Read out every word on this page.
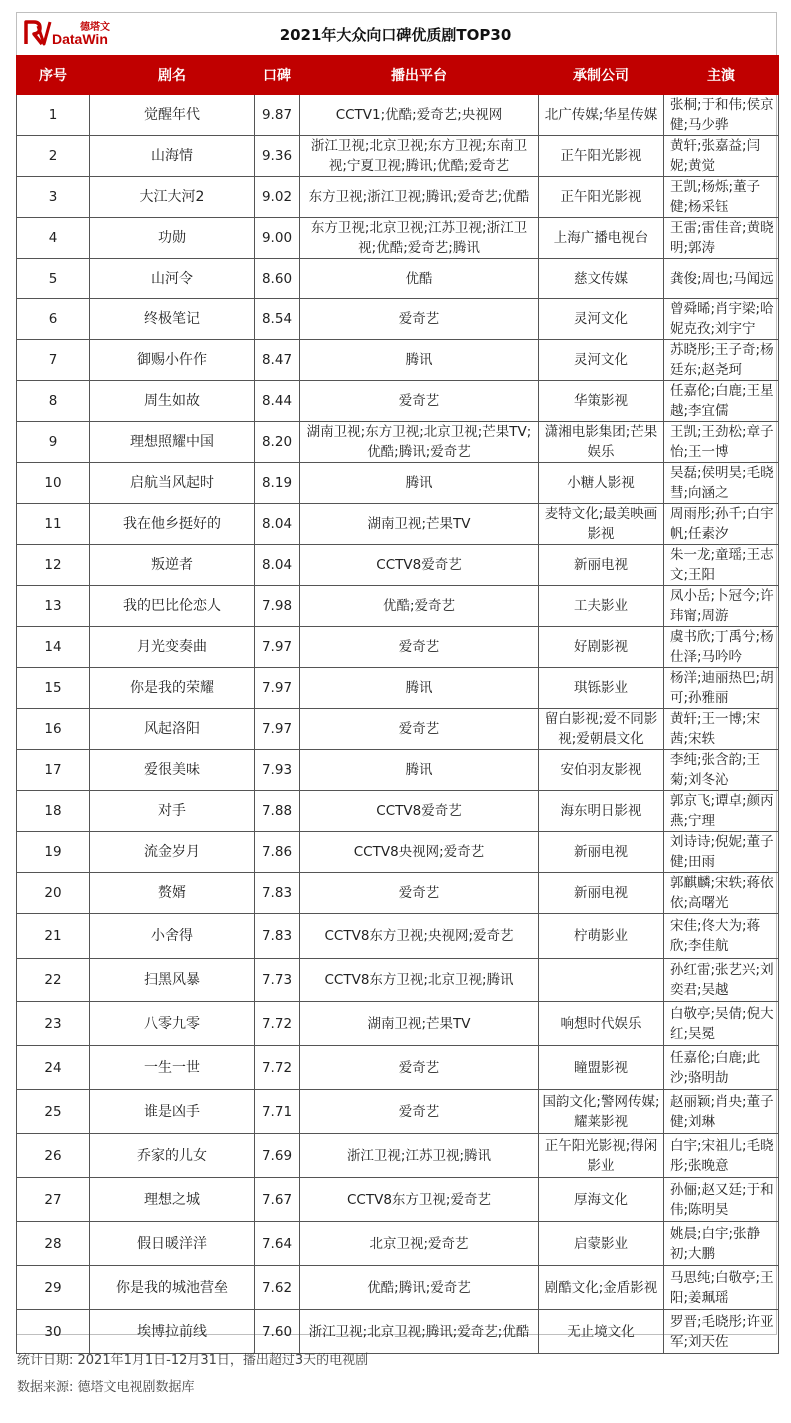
德塔文
DataWin	2021年大众向口碑优质剧TOP30
序号	剧名	口碑	播出平台	承制公司	主演
1	觉醒年代	9.87	CCTV1;优酷;爱奇艺;央视网	北广传媒;华星传媒	张桐;于和伟;侯京健;马少骅
2	山海情	9.36	浙江卫视;北京卫视;东方卫视;东南卫视;宁夏卫视;腾讯;优酷;爱奇艺	正午阳光影视	黄轩;张嘉益;闫妮;黄觉
3	大江大河2	9.02	东方卫视;浙江卫视;腾讯;爱奇艺;优酷	正午阳光影视	王凯;杨烁;董子健;杨采钰
4	功勋	9.00	东方卫视;北京卫视;江苏卫视;浙江卫视;优酷;爱奇艺;腾讯	上海广播电视台	王雷;雷佳音;黄晓明;郭涛
5	山河令	8.60	优酷	慈文传媒	龚俊;周也;马闻远
6	终极笔记	8.54	爱奇艺	灵河文化	曾舜晞;肖宇梁;哈妮克孜;刘宇宁
7	御赐小仵作	8.47	腾讯	灵河文化	苏晓彤;王子奇;杨廷东;赵尧珂
8	周生如故	8.44	爱奇艺	华策影视	任嘉伦;白鹿;王星越;李宜儒
9	理想照耀中国	8.20	湖南卫视;东方卫视;北京卫视;芒果TV;优酷;腾讯;爱奇艺	潇湘电影集团;芒果娱乐	王凯;王劲松;章子怡;王一博
10	启航当风起时	8.19	腾讯	小糖人影视	吴磊;侯明昊;毛晓彗;向涵之
11	我在他乡挺好的	8.04	湖南卫视;芒果TV	麦特文化;最美映画影视	周雨彤;孙千;白宇帆;任素汐
12	叛逆者	8.04	CCTV8爱奇艺	新丽电视	朱一龙;童瑶;王志文;王阳
13	我的巴比伦恋人	7.98	优酷;爱奇艺	工夫影业	凤小岳;卜冠今;许玮甯;周游
14	月光变奏曲	7.97	爱奇艺	好剧影视	虞书欣;丁禹兮;杨仕泽;马吟吟
15	你是我的荣耀	7.97	腾讯	琪铄影业	杨洋;迪丽热巴;胡可;孙雅丽
16	风起洛阳	7.97	爱奇艺	留白影视;爱不同影视;爱朝晨文化	黄轩;王一博;宋茜;宋轶
17	爱很美味	7.93	腾讯	安伯羽友影视	李纯;张含韵;王菊;刘冬沁
18	对手	7.88	CCTV8爱奇艺	海东明日影视	郭京飞;谭卓;颜丙燕;宁理
19	流金岁月	7.86	CCTV8央视网;爱奇艺	新丽电视	刘诗诗;倪妮;董子健;田雨
20	赘婿	7.83	爱奇艺	新丽电视	郭麒麟;宋轶;蒋依依;高曙光
21	小舍得	7.83	CCTV8东方卫视;央视网;爱奇艺	柠萌影业	宋佳;佟大为;蒋欣;李佳航
22	扫黑风暴	7.73	CCTV8东方卫视;北京卫视;腾讯		孙红雷;张艺兴;刘奕君;吴越
23	八零九零	7.72	湖南卫视;芒果TV	响想时代娱乐	白敬亭;吴倩;倪大红;吴冕
24	一生一世	7.72	爱奇艺	瞳盟影视	任嘉伦;白鹿;此沙;骆明劼
25	谁是凶手	7.71	爱奇艺	国韵文化;警网传媒;耀莱影视	赵丽颖;肖央;董子健;刘琳
26	乔家的儿女	7.69	浙江卫视;江苏卫视;腾讯	正午阳光影视;得闲影业	白宇;宋祖儿;毛晓彤;张晚意
27	理想之城	7.67	CCTV8东方卫视;爱奇艺	厚海文化	孙俪;赵又廷;于和伟;陈明昊
28	假日暖洋洋	7.64	北京卫视;爱奇艺	启蒙影业	姚晨;白宇;张静初;大鹏
29	你是我的城池营垒	7.62	优酷;腾讯;爱奇艺	剧酷文化;金盾影视	马思纯;白敬亭;王阳;姜珮瑶
30	埃博拉前线	7.60	浙江卫视;北京卫视;腾讯;爱奇艺;优酷	无止境文化	罗晋;毛晓彤;许亚军;刘天佐
统计日期: 2021年1月1日-12月31日，播出超过3天的电视剧
数据来源: 德塔文电视剧数据库
